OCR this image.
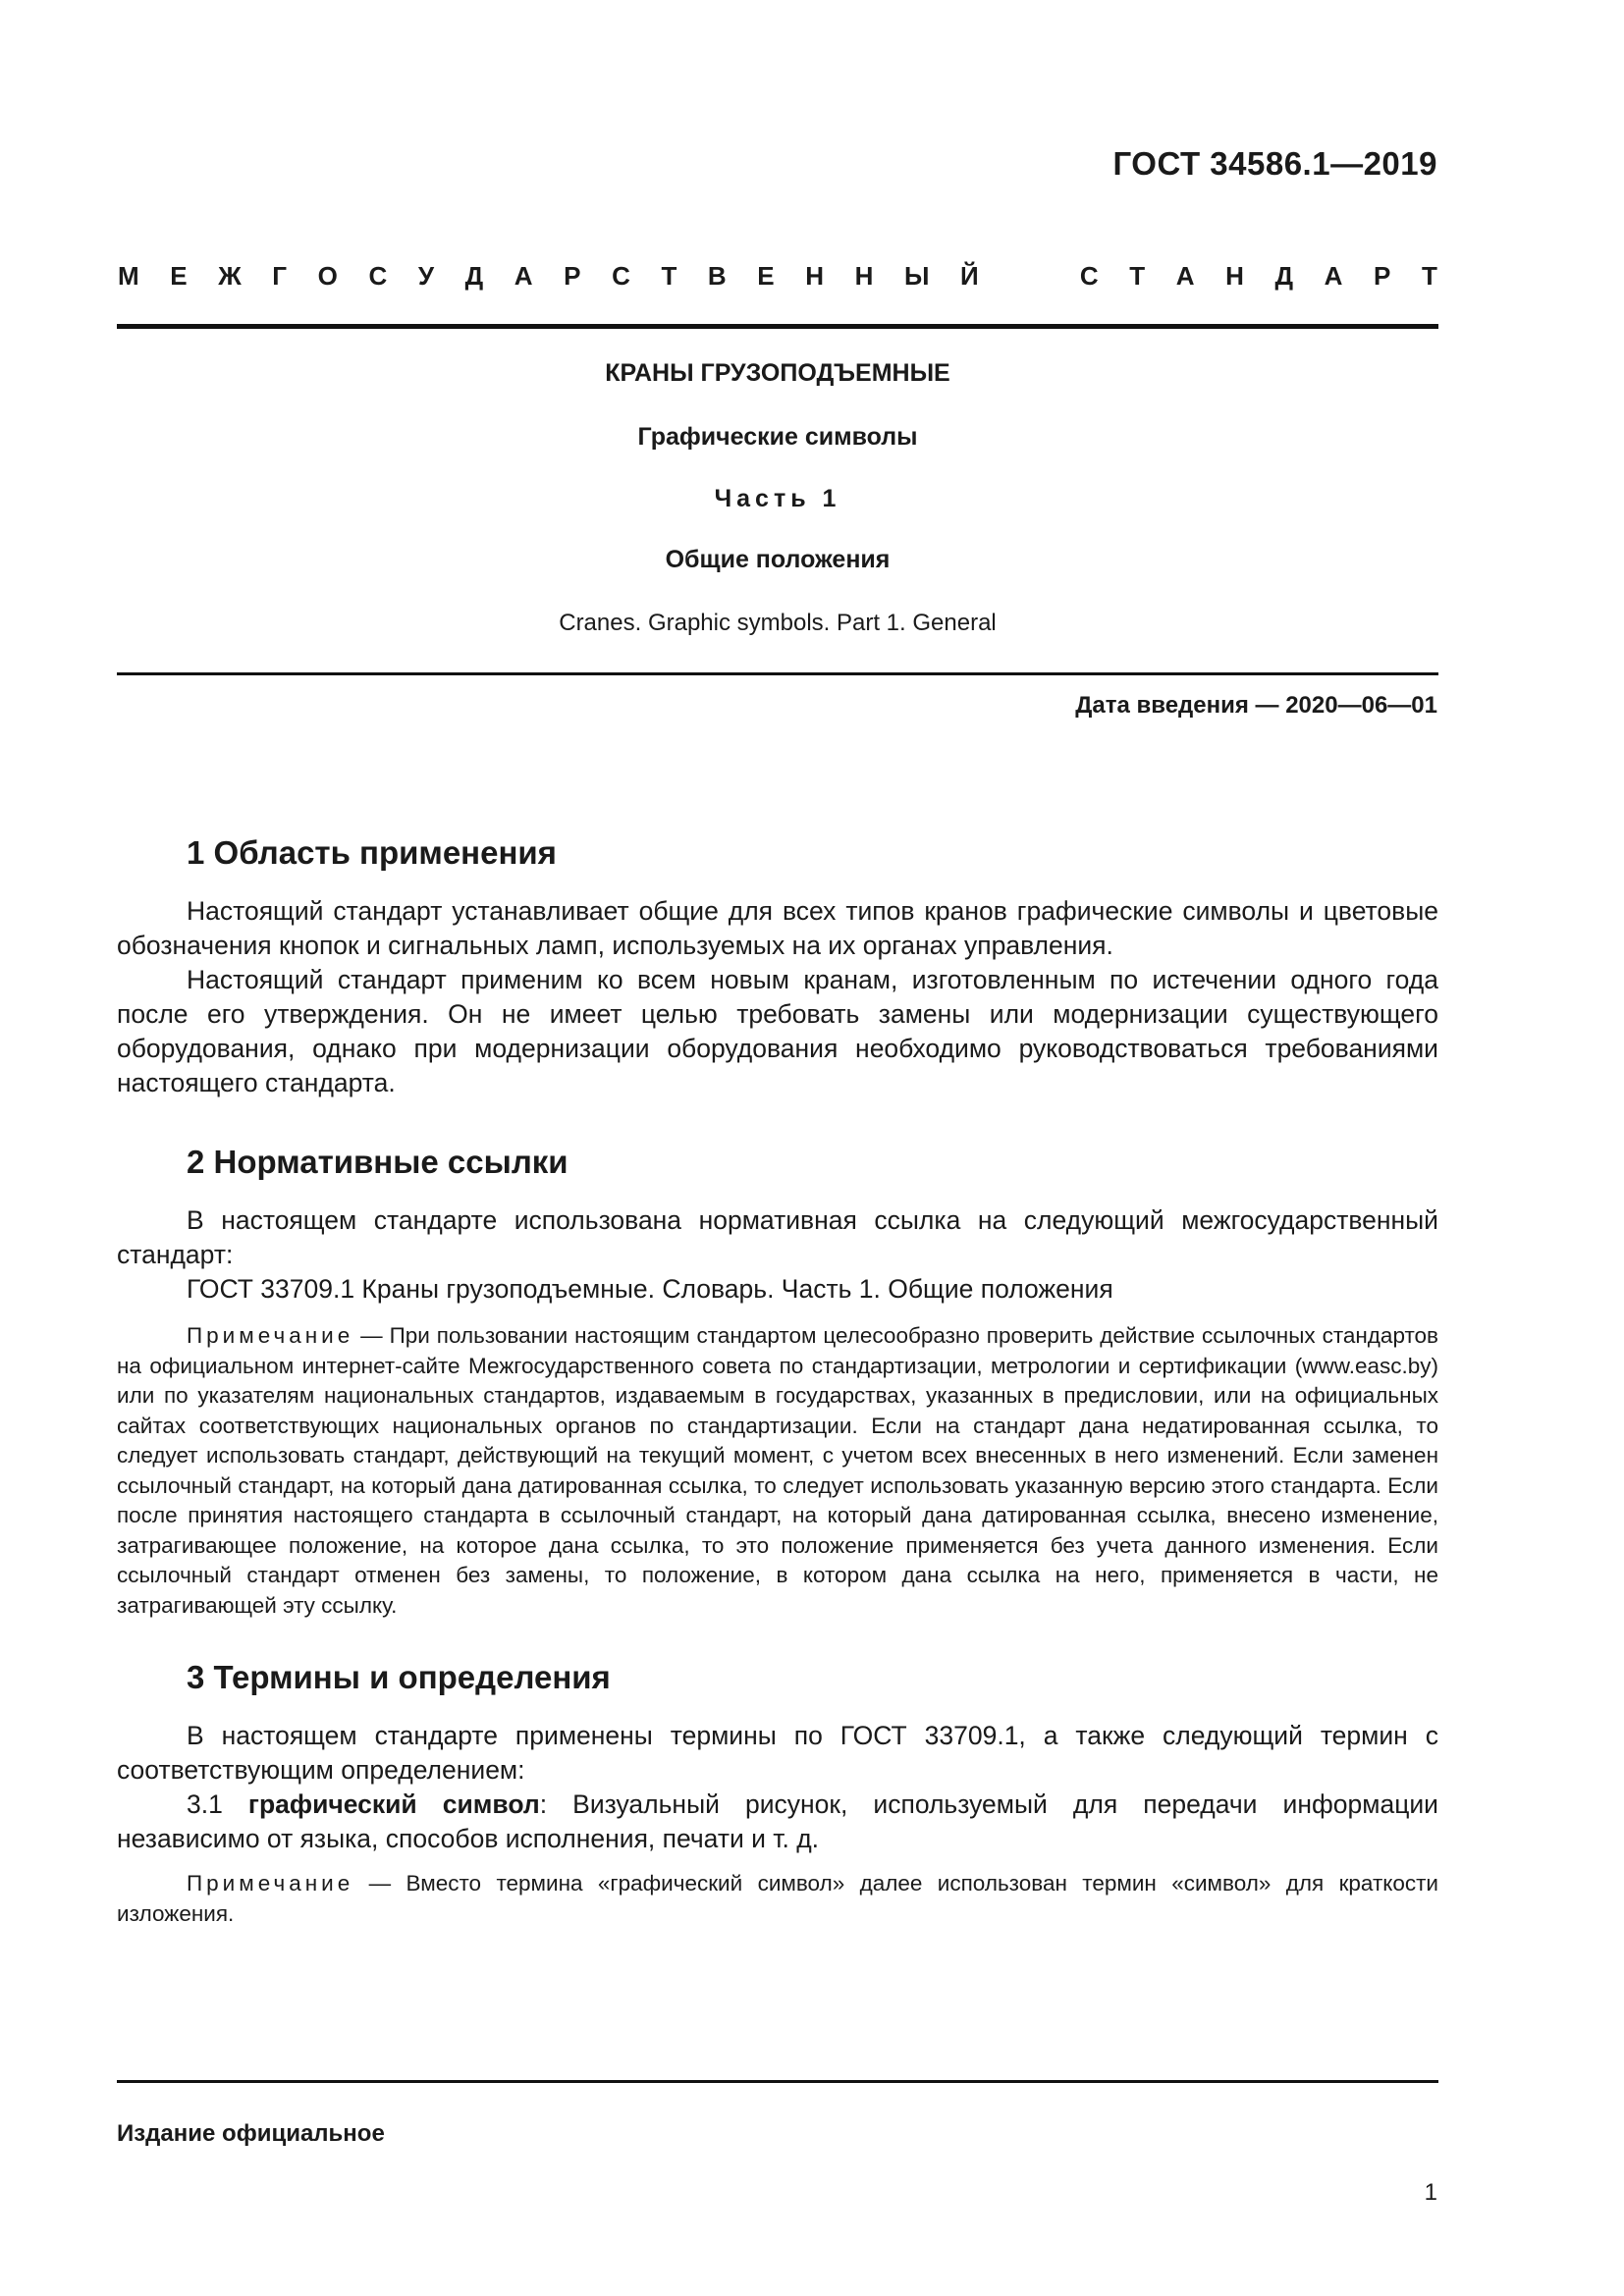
ГОСТ 34586.1—2019
М Е Ж Г О С У Д А Р С Т В Е Н Н Ы Й	С Т А Н Д А Р Т
КРАНЫ ГРУЗОПОДЪЕМНЫЕ
Графические символы
Часть 1
Общие положения
Cranes. Graphic symbols. Part 1. General
Дата введения — 2020—06—01
1 Область применения

Настоящий стандарт устанавливает общие для всех типов кранов графические символы и цветовые обозначения кнопок и сигнальных ламп, используемых на их органах управления.

Настоящий стандарт применим ко всем новым кранам, изготовленным по истечении одного года после его утверждения. Он не имеет целью требовать замены или модернизации существующего оборудования, однако при модернизации оборудования необходимо руководствоваться требованиями настоящего стандарта.

2 Нормативные ссылки

В настоящем стандарте использована нормативная ссылка на следующий межгосударственный стандарт:

ГОСТ 33709.1 Краны грузоподъемные. Словарь. Часть 1. Общие положения

Примечание — При пользовании настоящим стандартом целесообразно проверить действие ссылочных стандартов на официальном интернет-сайте Межгосударственного совета по стандартизации, метрологии и сертификации (www.easc.by) или по указателям национальных стандартов, издаваемым в государствах, указанных в предисловии, или на официальных сайтах соответствующих национальных органов по стандартизации. Если на стандарт дана недатированная ссылка, то следует использовать стандарт, действующий на текущий момент, с учетом всех внесенных в него изменений. Если заменен ссылочный стандарт, на который дана датированная ссылка, то следует использовать указанную версию этого стандарта. Если после принятия настоящего стандарта в ссылочный стандарт, на который дана датированная ссылка, внесено изменение, затрагивающее положение, на которое дана ссылка, то это положение применяется без учета данного изменения. Если ссылочный стандарт отменен без замены, то положение, в котором дана ссылка на него, применяется в части, не затрагивающей эту ссылку.

3 Термины и определения

В настоящем стандарте применены термины по ГОСТ 33709.1, а также следующий термин с соответствующим определением:

3.1 графический символ: Визуальный рисунок, используемый для передачи информации независимо от языка, способов исполнения, печати и т. д.

Примечание — Вместо термина «графический символ» далее использован термин «символ» для краткости изложения.

Издание официальное
1
